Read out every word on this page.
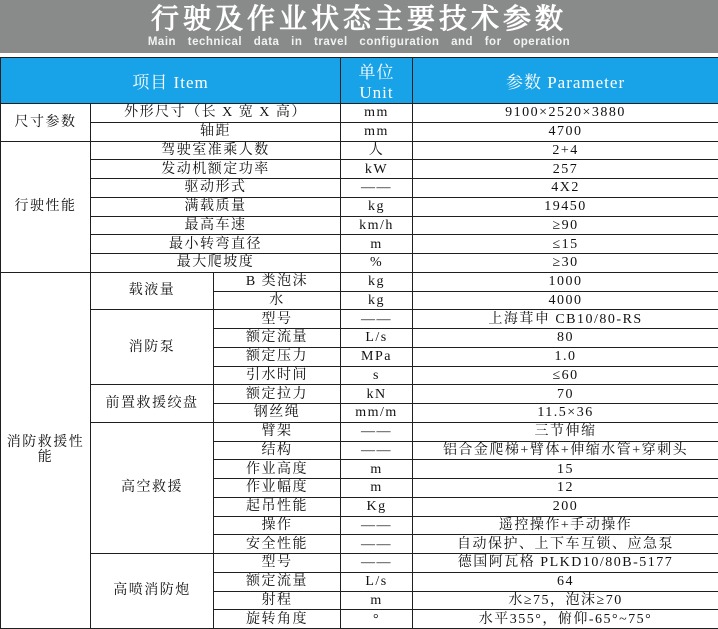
行驶及作业状态主要技术参数
Main technical data in travel configuration and for operation
项目 Item			单位Unit	参数 Parameter
尺寸参数	外形尺寸（长 X 宽 X 高）		mm	9100×2520×3880
	轴距		mm	4700
行驶性能	驾驶室准乘人数		人	2+4
	发动机额定功率		kW	257
	驱动形式		——	4X2
	满载质量		kg	19450
	最高车速		km/h	≥90
	最小转弯直径		m	≤15
	最大爬坡度		%	≥30
消防救援性能	载液量	B 类泡沫	kg	1000
		水	kg	4000
	消防泵	型号	——	上海茸申 CB10/80-RS
		额定流量	L/s	80
		额定压力	MPa	1.0
		引水时间	s	≤60
	前置救援绞盘	额定拉力	kN	70
		钢丝绳	mm/m	11.5×36
	高空救援	臂架	——	三节伸缩
		结构	——	铝合金爬梯+臂体+伸缩水管+穿刺头
		作业高度	m	15
		作业幅度	m	12
		起吊性能	Kg	200
		操作	——	遥控操作+手动操作
		安全性能	——	自动保护、上下车互锁、应急泵
	高喷消防炮	型号	——	德国阿瓦格 PLKD10/80B-5177
		额定流量	L/s	64
		射程	m	水≥75，泡沫≥70
		旋转角度	°	水平355°，俯仰-65°~75°
